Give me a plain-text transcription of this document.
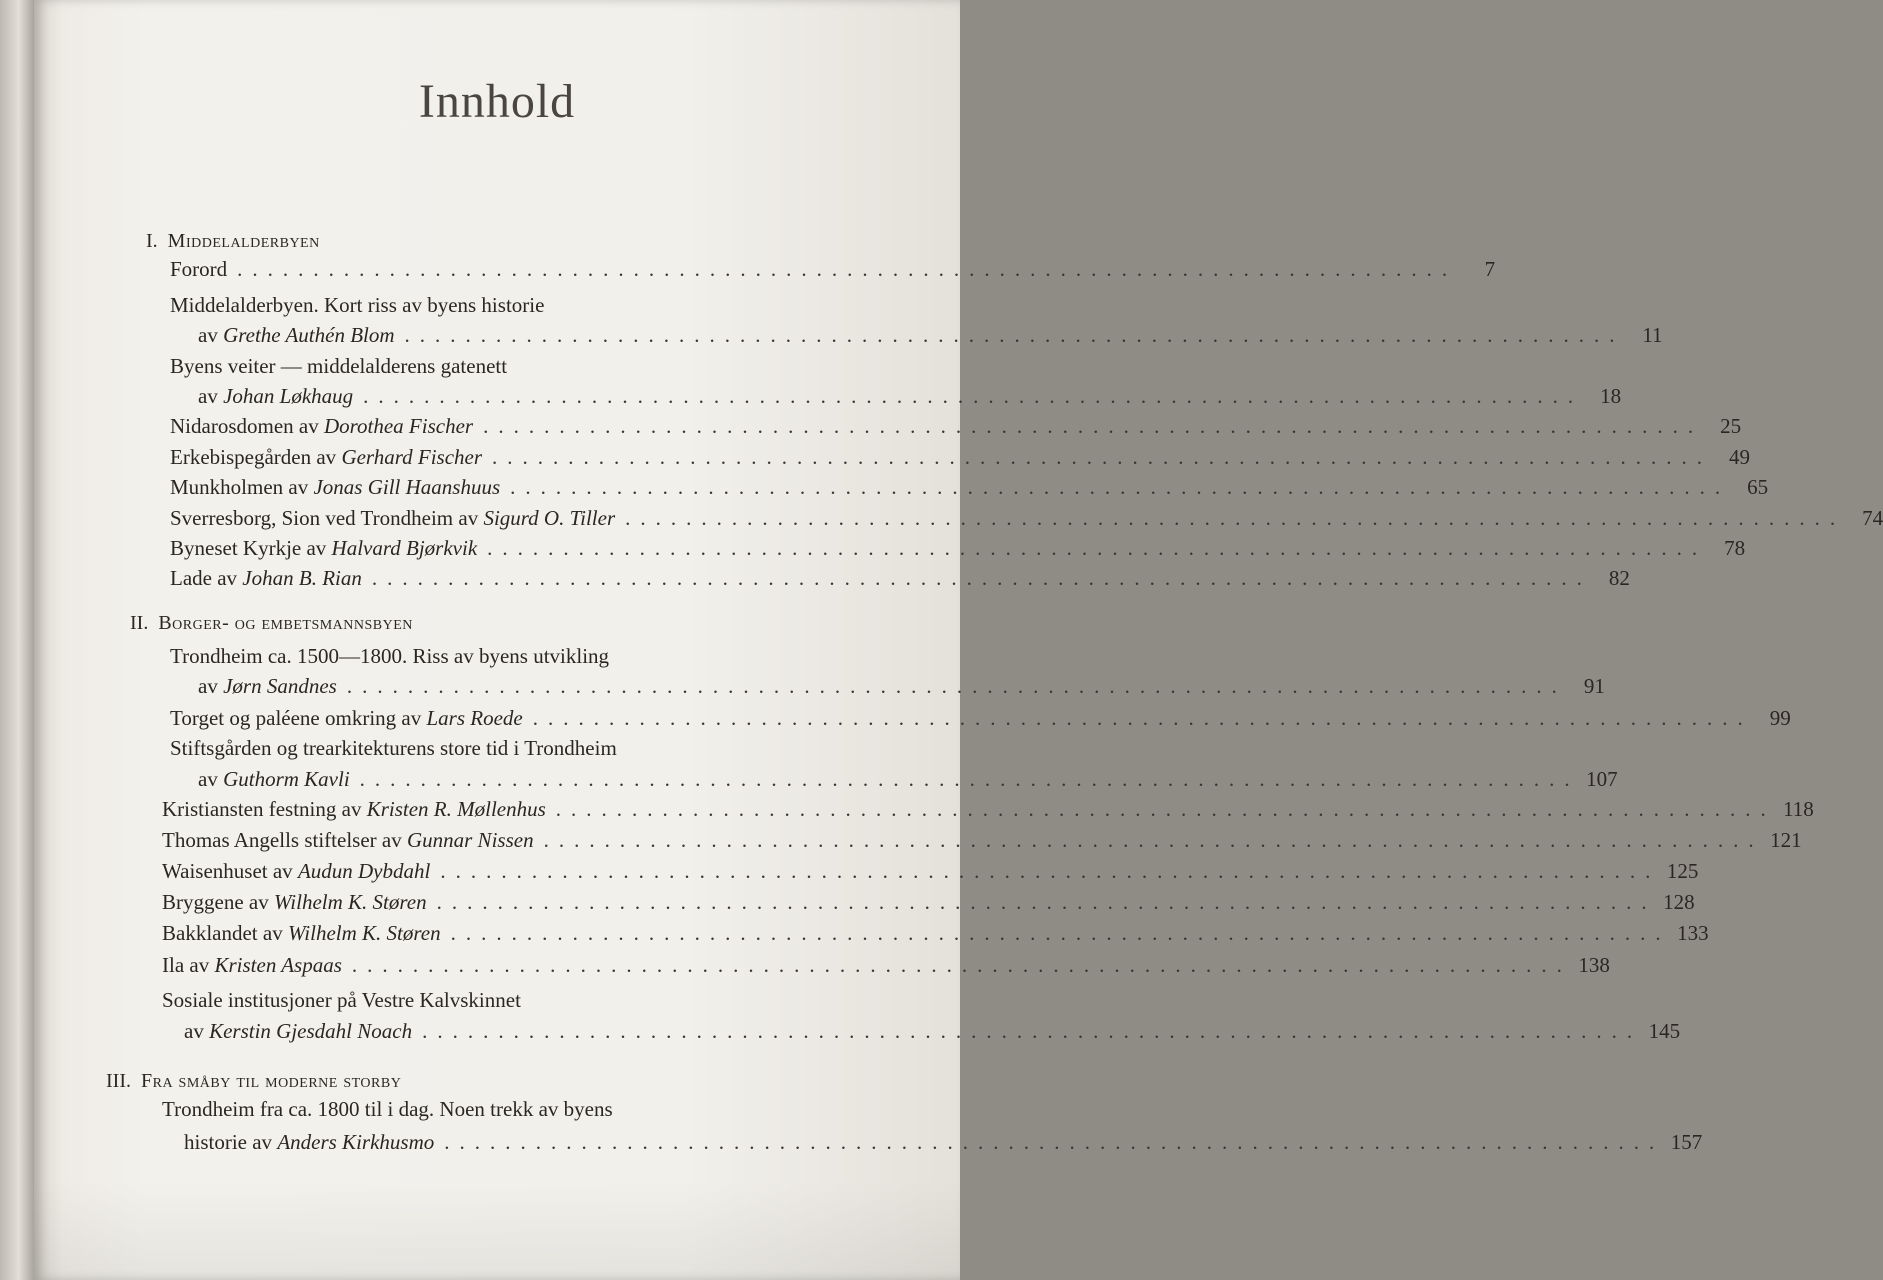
Innhold
I. Middelalderbyen
Forord ................................................................................	7
Middelalderbyen. Kort riss av byens historie
av Grethe Authén Blom ................................................................................ 11
Byens veiter — middelalderens gatenett
av Johan Løkhaug ................................................................................ 18
Nidarosdomen av Dorothea Fischer ................................................................................ 25
Erkebispegården av Gerhard Fischer ................................................................................ 49
Munkholmen av Jonas Gill Haanshuus ................................................................................ 65
Sverresborg, Sion ved Trondheim av Sigurd O. Tiller ................................................................................ 74
Byneset Kyrkje av Halvard Bjørkvik ................................................................................ 78
Lade av Johan B. Rian ................................................................................ 82
II. Borger- og embetsmannsbyen
Trondheim ca. 1500—1800. Riss av byens utvikling
av Jørn Sandnes ................................................................................ 91
Torget og paléene omkring av Lars Roede ................................................................................ 99
Stiftsgården og trearkitekturens store tid i Trondheim
av Guthorm Kavli ................................................................................ 107
Kristiansten festning av Kristen R. Møllenhus ................................................................................ 118
Thomas Angells stiftelser av Gunnar Nissen ................................................................................ 121
Waisenhuset av Audun Dybdahl ................................................................................ 125
Bryggene av Wilhelm K. Støren ................................................................................ 128
Bakklandet av Wilhelm K. Støren ................................................................................ 133
Ila av Kristen Aspaas ................................................................................ 138
Sosiale institusjoner på Vestre Kalvskinnet
av Kerstin Gjesdahl Noach ................................................................................ 145
III. Fra småby til moderne storby
Trondheim fra ca. 1800 til i dag. Noen trekk av byens
historie av Anders Kirkhusmo ................................................................................ 157
